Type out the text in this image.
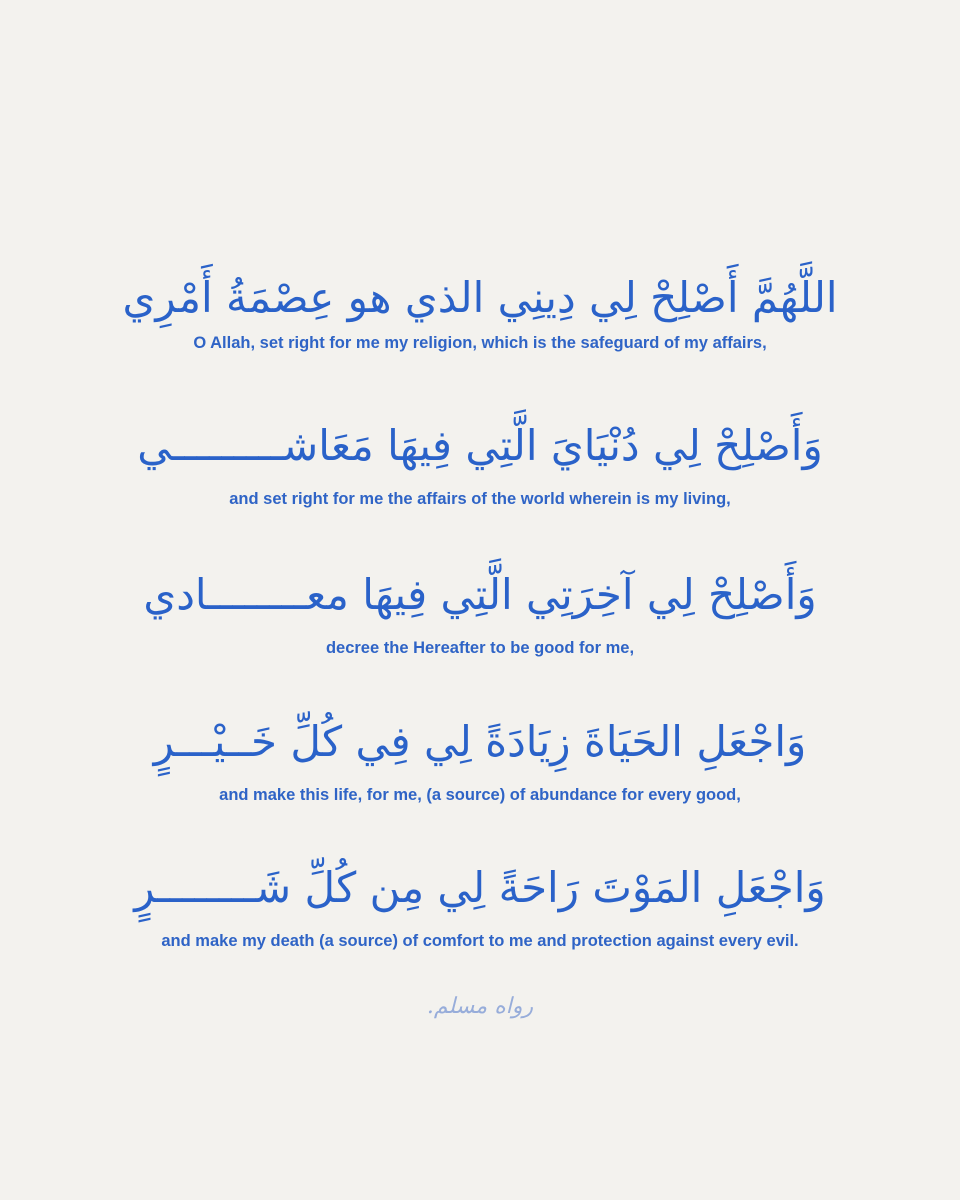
اللَّهُمَّ أَصْلِحْ لِي دِينِي الذي هو عِصْمَةُ أَمْرِي
O Allah, set right for me my religion, which is the safeguard of my affairs,
وَأَصْلِحْ لِي دُنْيَايَ الَّتِي فِيهَا مَعَاشـــــــــي
and set right for me the affairs of the world wherein is my living,
وَأَصْلِحْ لِي آخِرَتِي الَّتِي فِيهَا معــــــــادي
decree the Hereafter to be good for me,
وَاجْعَلِ الحَيَاةَ زِيَادَةً لِي فِي كُلِّ خَــيْـــرٍ
and make this life, for me, (a source) of abundance for every good,
وَاجْعَلِ المَوْتَ رَاحَةً لِي مِن كُلِّ شَــــــــرٍ
and make my death (a source) of comfort to me and protection against every evil.
رواه مسلم.
